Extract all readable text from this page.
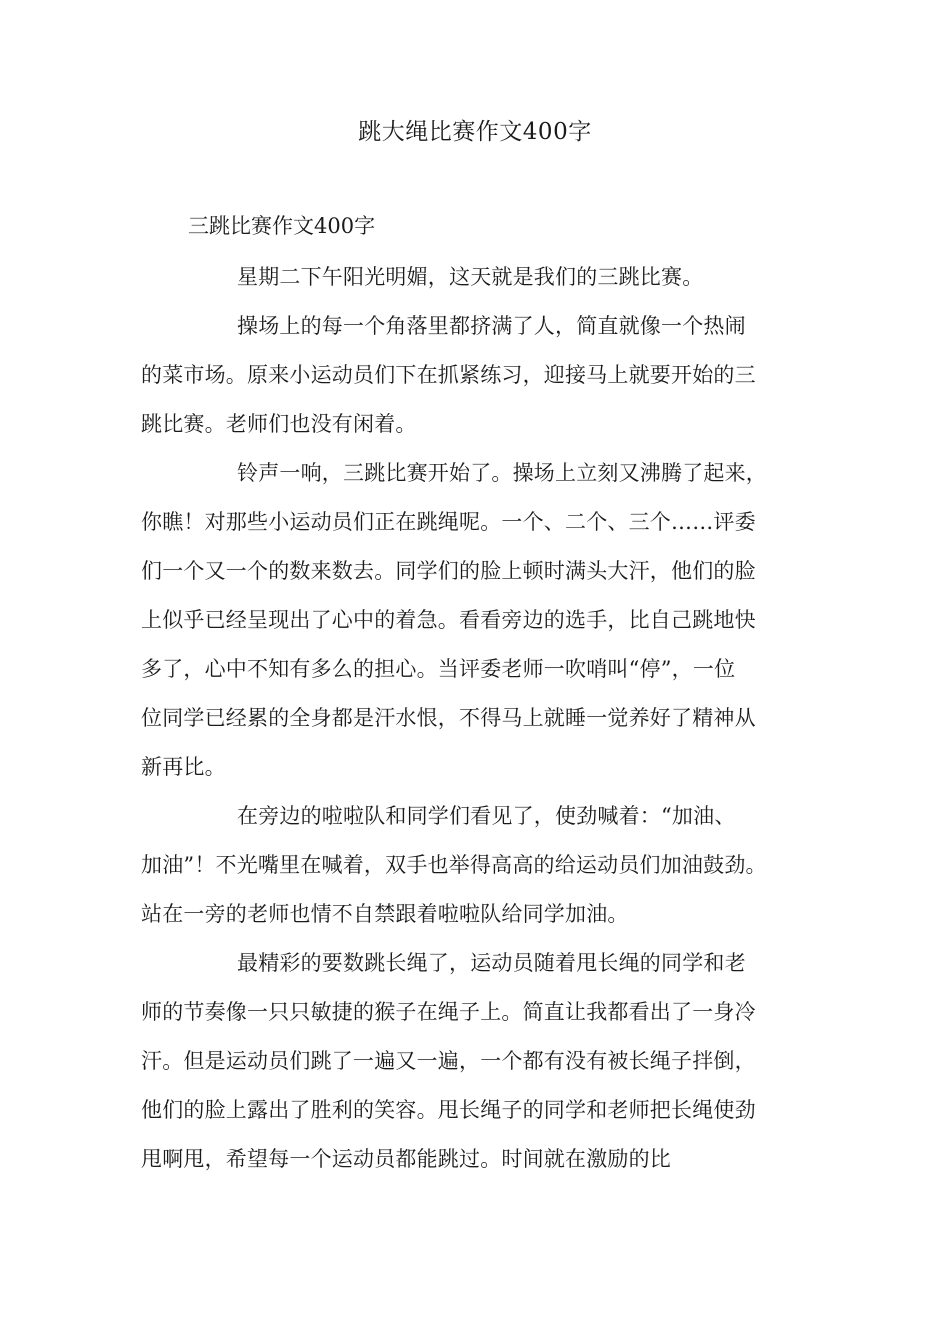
跳大绳比赛作文400字
三跳比赛作文400字
星期二下午阳光明媚，这天就是我们的三跳比赛。
操场上的每一个角落里都挤满了人，简直就像一个热闹
的菜市场。原来小运动员们下在抓紧练习，迎接马上就要开始的三
跳比赛。老师们也没有闲着。
铃声一响，三跳比赛开始了。操场上立刻又沸腾了起来，
你瞧！对那些小运动员们正在跳绳呢。一个、二个、三个……评委
们一个又一个的数来数去。同学们的脸上顿时满头大汗，他们的脸
上似乎已经呈现出了心中的着急。看看旁边的选手，比自己跳地快
多了，心中不知有多么的担心。当评委老师一吹哨叫“停”，一位
位同学已经累的全身都是汗水恨，不得马上就睡一觉养好了精神从
新再比。
在旁边的啦啦队和同学们看见了，使劲喊着：“加油、
加油”！不光嘴里在喊着，双手也举得高高的给运动员们加油鼓劲。
站在一旁的老师也情不自禁跟着啦啦队给同学加油。
最精彩的要数跳长绳了，运动员随着甩长绳的同学和老
师的节奏像一只只敏捷的猴子在绳子上。简直让我都看出了一身冷
汗。但是运动员们跳了一遍又一遍，一个都有没有被长绳子拌倒，
他们的脸上露出了胜利的笑容。甩长绳子的同学和老师把长绳使劲
甩啊甩，希望每一个运动员都能跳过。时间就在激励的比
